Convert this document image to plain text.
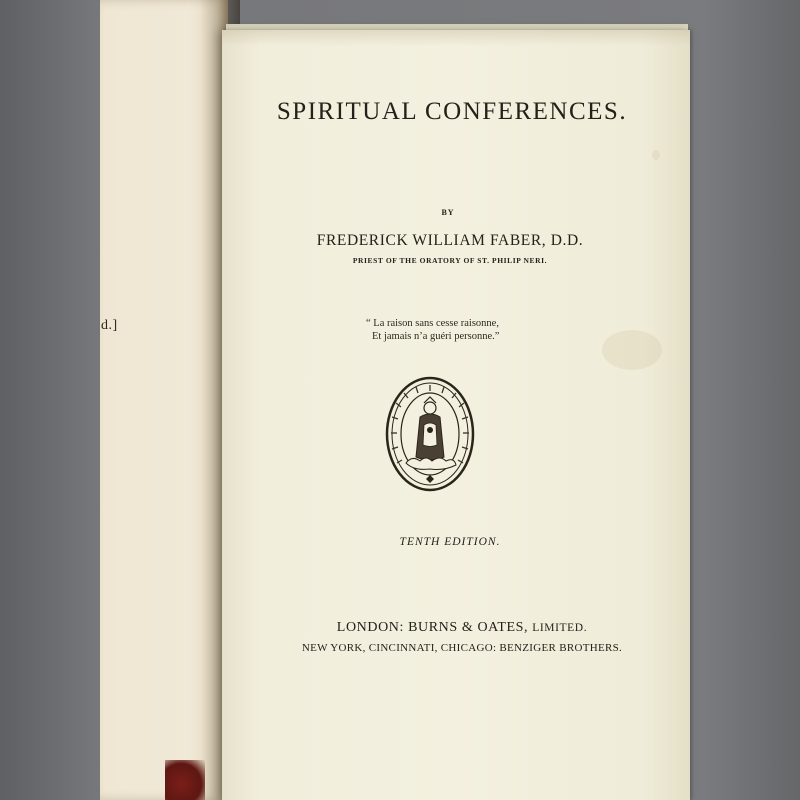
d.]
SPIRITUAL CONFERENCES.
BY
FREDERICK WILLIAM FABER, D.D.
PRIEST OF THE ORATORY OF ST. PHILIP NERI.
“ La raison sans cesse raisonne,
Et jamais n’a guéri personne.”
TENTH EDITION.
LONDON: BURNS & OATES, LIMITED.
NEW YORK, CINCINNATI, CHICAGO: BENZIGER BROTHERS.
